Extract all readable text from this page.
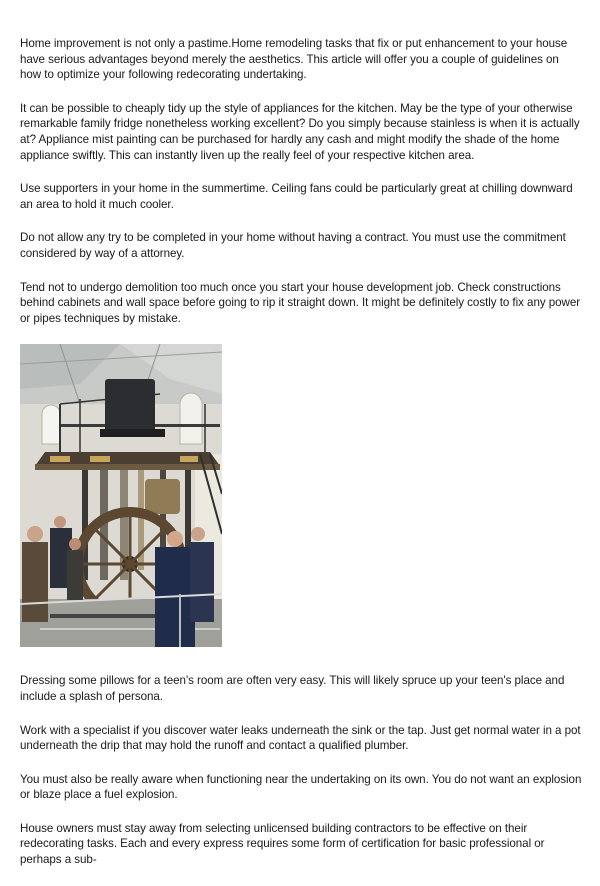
Home improvement is not only a pastime.Home remodeling tasks that fix or put enhancement to your house have serious advantages beyond merely the aesthetics. This article will offer you a couple of guidelines on how to optimize your following redecorating undertaking.

It can be possible to cheaply tidy up the style of appliances for the kitchen. May be the type of your otherwise remarkable family fridge nonetheless working excellent? Do you simply because stainless is when it is actually at? Appliance mist painting can be purchased for hardly any cash and might modify the shade of the home appliance swiftly. This can instantly liven up the really feel of your respective kitchen area.

Use supporters in your home in the summertime. Ceiling fans could be particularly great at chilling downward an area to hold it much cooler.

Do not allow any try to be completed in your home without having a contract. You must use the commitment considered by way of a attorney.

Tend not to undergo demolition too much once you start your house development job. Check constructions behind cabinets and wall space before going to rip it straight down. It might be definitely costly to fix any power or pipes techniques by mistake.

Dressing some pillows for a teen's room are often very easy. This will likely spruce up your teen's place and include a splash of persona.

Work with a specialist if you discover water leaks underneath the sink or the tap. Just get normal water in a pot underneath the drip that may hold the runoff and contact a qualified plumber.

You must also be really aware when functioning near the undertaking on its own. You do not want an explosion or blaze place a fuel explosion.

House owners must stay away from selecting unlicensed building contractors to be effective on their redecorating tasks. Each and every express requires some form of certification for basic professional or perhaps a sub-
